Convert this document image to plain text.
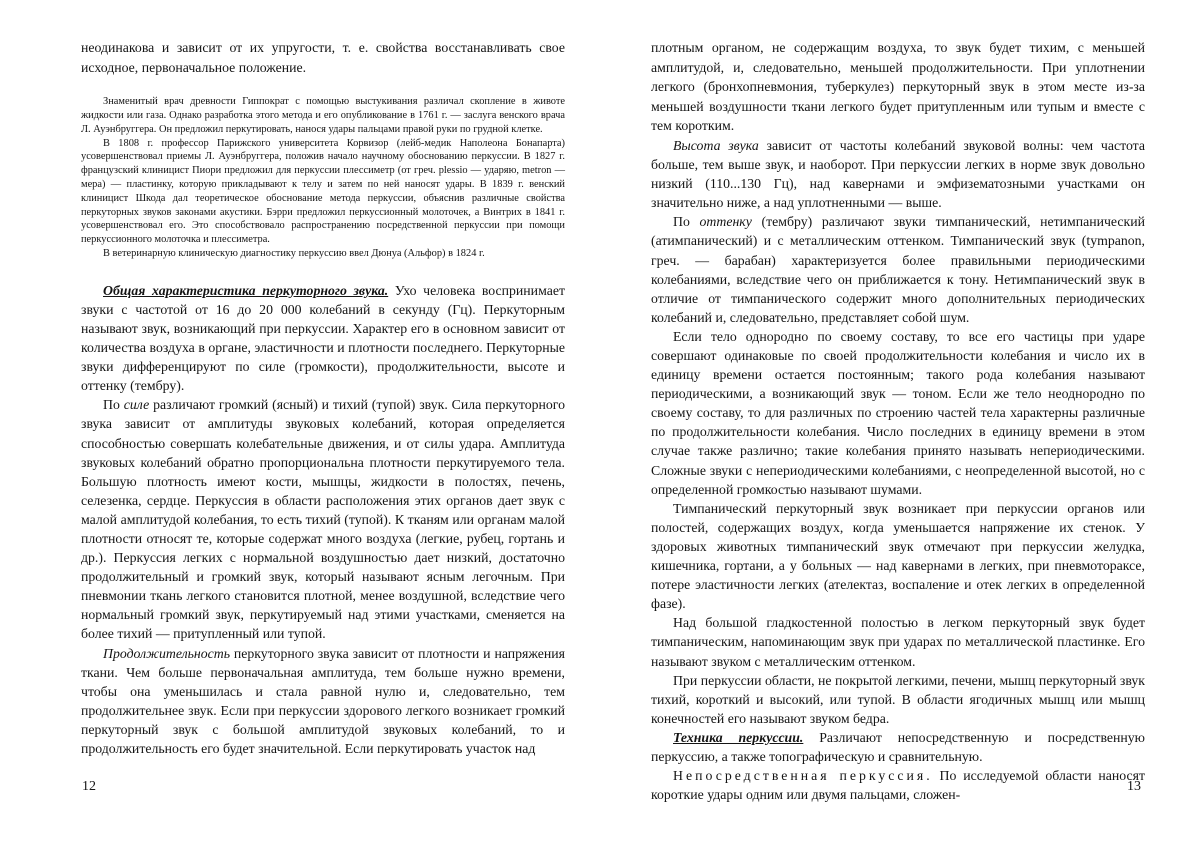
неодинакова и зависит от их упругости, т. е. свойства восстанавливать свое исходное, первоначальное положение.

Знаменитый врач древности Гиппократ с помощью выстукивания различал скопление в животе жидкости или газа. Однако разработка этого метода и его опубликование в 1761 г. — заслуга венского врача Л. Ауэнбруггера. Он предложил перкутировать, нанося удары пальцами правой руки по грудной клетке.

В 1808 г. профессор Парижского университета Корвизор (лейб-медик Наполеона Бонапарта) усовершенствовал приемы Л. Ауэнбруггера, положив начало научному обоснованию перкуссии. В 1827 г. французский клиницист Пиори предложил для перкуссии плессиметр (от греч. plessio — ударяю, metron — мера) — пластинку, которую прикладывают к телу и затем по ней наносят удары. В 1839 г. венский клиницист Шкода дал теоретическое обоснование метода перкуссии, объяснив различные свойства перкуторных звуков законами акустики. Бэрри предложил перкуссионный молоточек, а Винтрих в 1841 г. усовершенствовал его. Это способствовало распространению посредственной перкуссии при помощи перкуссионного молоточка и плессиметра.

В ветеринарную клиническую диагностику перкуссию ввел Дюнуа (Альфор) в 1824 г.

Общая характеристика перкуторного звука. Ухо человека воспринимает звуки с частотой от 16 до 20 000 колебаний в секунду (Гц). Перкуторным называют звук, возникающий при перкуссии. Характер его в основном зависит от количества воздуха в органе, эластичности и плотности последнего. Перкуторные звуки дифференцируют по силе (громкости), продолжительности, высоте и оттенку (тембру).

По силе различают громкий (ясный) и тихий (тупой) звук. Сила перкуторного звука зависит от амплитуды звуковых колебаний, которая определяется способностью совершать колебательные движения, и от силы удара. Амплитуда звуковых колебаний обратно пропорциональна плотности перкутируемого тела. Большую плотность имеют кости, мышцы, жидкости в полостях, печень, селезенка, сердце. Перкуссия в области расположения этих органов дает звук с малой амплитудой колебания, то есть тихий (тупой). К тканям или органам малой плотности относят те, которые содержат много воздуха (легкие, рубец, гортань и др.). Перкуссия легких с нормальной воздушностью дает низкий, достаточно продолжительный и громкий звук, который называют ясным легочным. При пневмонии ткань легкого становится плотной, менее воздушной, вследствие чего нормальный громкий звук, перкутируемый над этими участками, сменяется на более тихий — притупленный или тупой.

Продолжительность перкуторного звука зависит от плотности и напряжения ткани. Чем больше первоначальная амплитуда, тем больше нужно времени, чтобы она уменьшилась и стала равной нулю и, следовательно, тем продолжительнее звук. Если при перкуссии здорового легкого возникает громкий перкуторный звук с большой амплитудой звуковых колебаний, то и продолжительность его будет значительной. Если перкутировать участок над

12

плотным органом, не содержащим воздуха, то звук будет тихим, с меньшей амплитудой, и, следовательно, меньшей продолжительности. При уплотнении легкого (бронхопневмония, туберкулез) перкуторный звук в этом месте из-за меньшей воздушности ткани легкого будет притупленным или тупым и вместе с тем коротким.

Высота звука зависит от частоты колебаний звуковой волны: чем частота больше, тем выше звук, и наоборот. При перкуссии легких в норме звук довольно низкий (110...130 Гц), над кавернами и эмфизематозными участками он значительно ниже, а над уплотненными — выше.

По оттенку (тембру) различают звуки тимпанический, нетимпанический (атимпанический) и с металлическим оттенком. Тимпанический звук (tympanon, греч. — барабан) характеризуется более правильными периодическими колебаниями, вследствие чего он приближается к тону. Нетимпанический звук в отличие от тимпанического содержит много дополнительных периодических колебаний и, следовательно, представляет собой шум.

Если тело однородно по своему составу, то все его частицы при ударе совершают одинаковые по своей продолжительности колебания и число их в единицу времени остается постоянным; такого рода колебания называют периодическими, а возникающий звук — тоном. Если же тело неоднородно по своему составу, то для различных по строению частей тела характерны различные по продолжительности колебания. Число последних в единицу времени в этом случае также различно; такие колебания принято называть непериодическими. Сложные звуки с непериодическими колебаниями, с неопределенной высотой, но с определенной громкостью называют шумами.

Тимпанический перкуторный звук возникает при перкуссии органов или полостей, содержащих воздух, когда уменьшается напряжение их стенок. У здоровых животных тимпанический звук отмечают при перкуссии желудка, кишечника, гортани, а у больных — над кавернами в легких, при пневмотораксе, потере эластичности легких (ателектаз, воспаление и отек легких в определенной фазе).

Над большой гладкостенной полостью в легком перкуторный звук будет тимпаническим, напоминающим звук при ударах по металлической пластинке. Его называют звуком с металлическим оттенком.

При перкуссии области, не покрытой легкими, печени, мышц перкуторный звук тихий, короткий и высокий, или тупой. В области ягодичных мышц или мышц конечностей его называют звуком бедра.

Техника перкуссии. Различают непосредственную и посредственную перкуссию, а также топографическую и сравнительную.

Непосредственная перкуссия. По исследуемой области наносят короткие удары одним или двумя пальцами, сложен-

13
